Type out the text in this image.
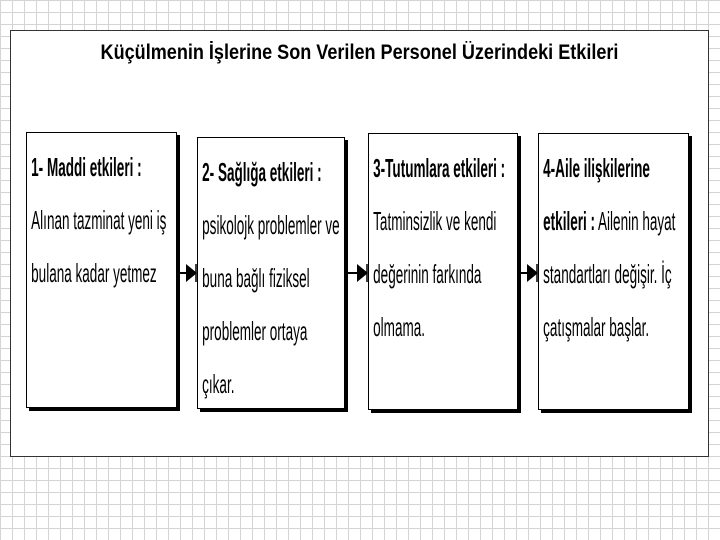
Küçülmenin İşlerine Son Verilen Personel Üzerindeki Etkileri
1- Maddi etkileri : Alınan tazminat yeni iş bulana kadar yetmez
2- Sağlığa etkileri : psikolojk problemler ve buna bağlı fiziksel problemler ortaya çıkar.
3-Tutumlara etkileri : Tatminsizlik ve kendi değerinin farkında olmama.
4-Aile ilişkilerine etkileri : Ailenin hayat standartları değişir. İç çatışmalar başlar.
